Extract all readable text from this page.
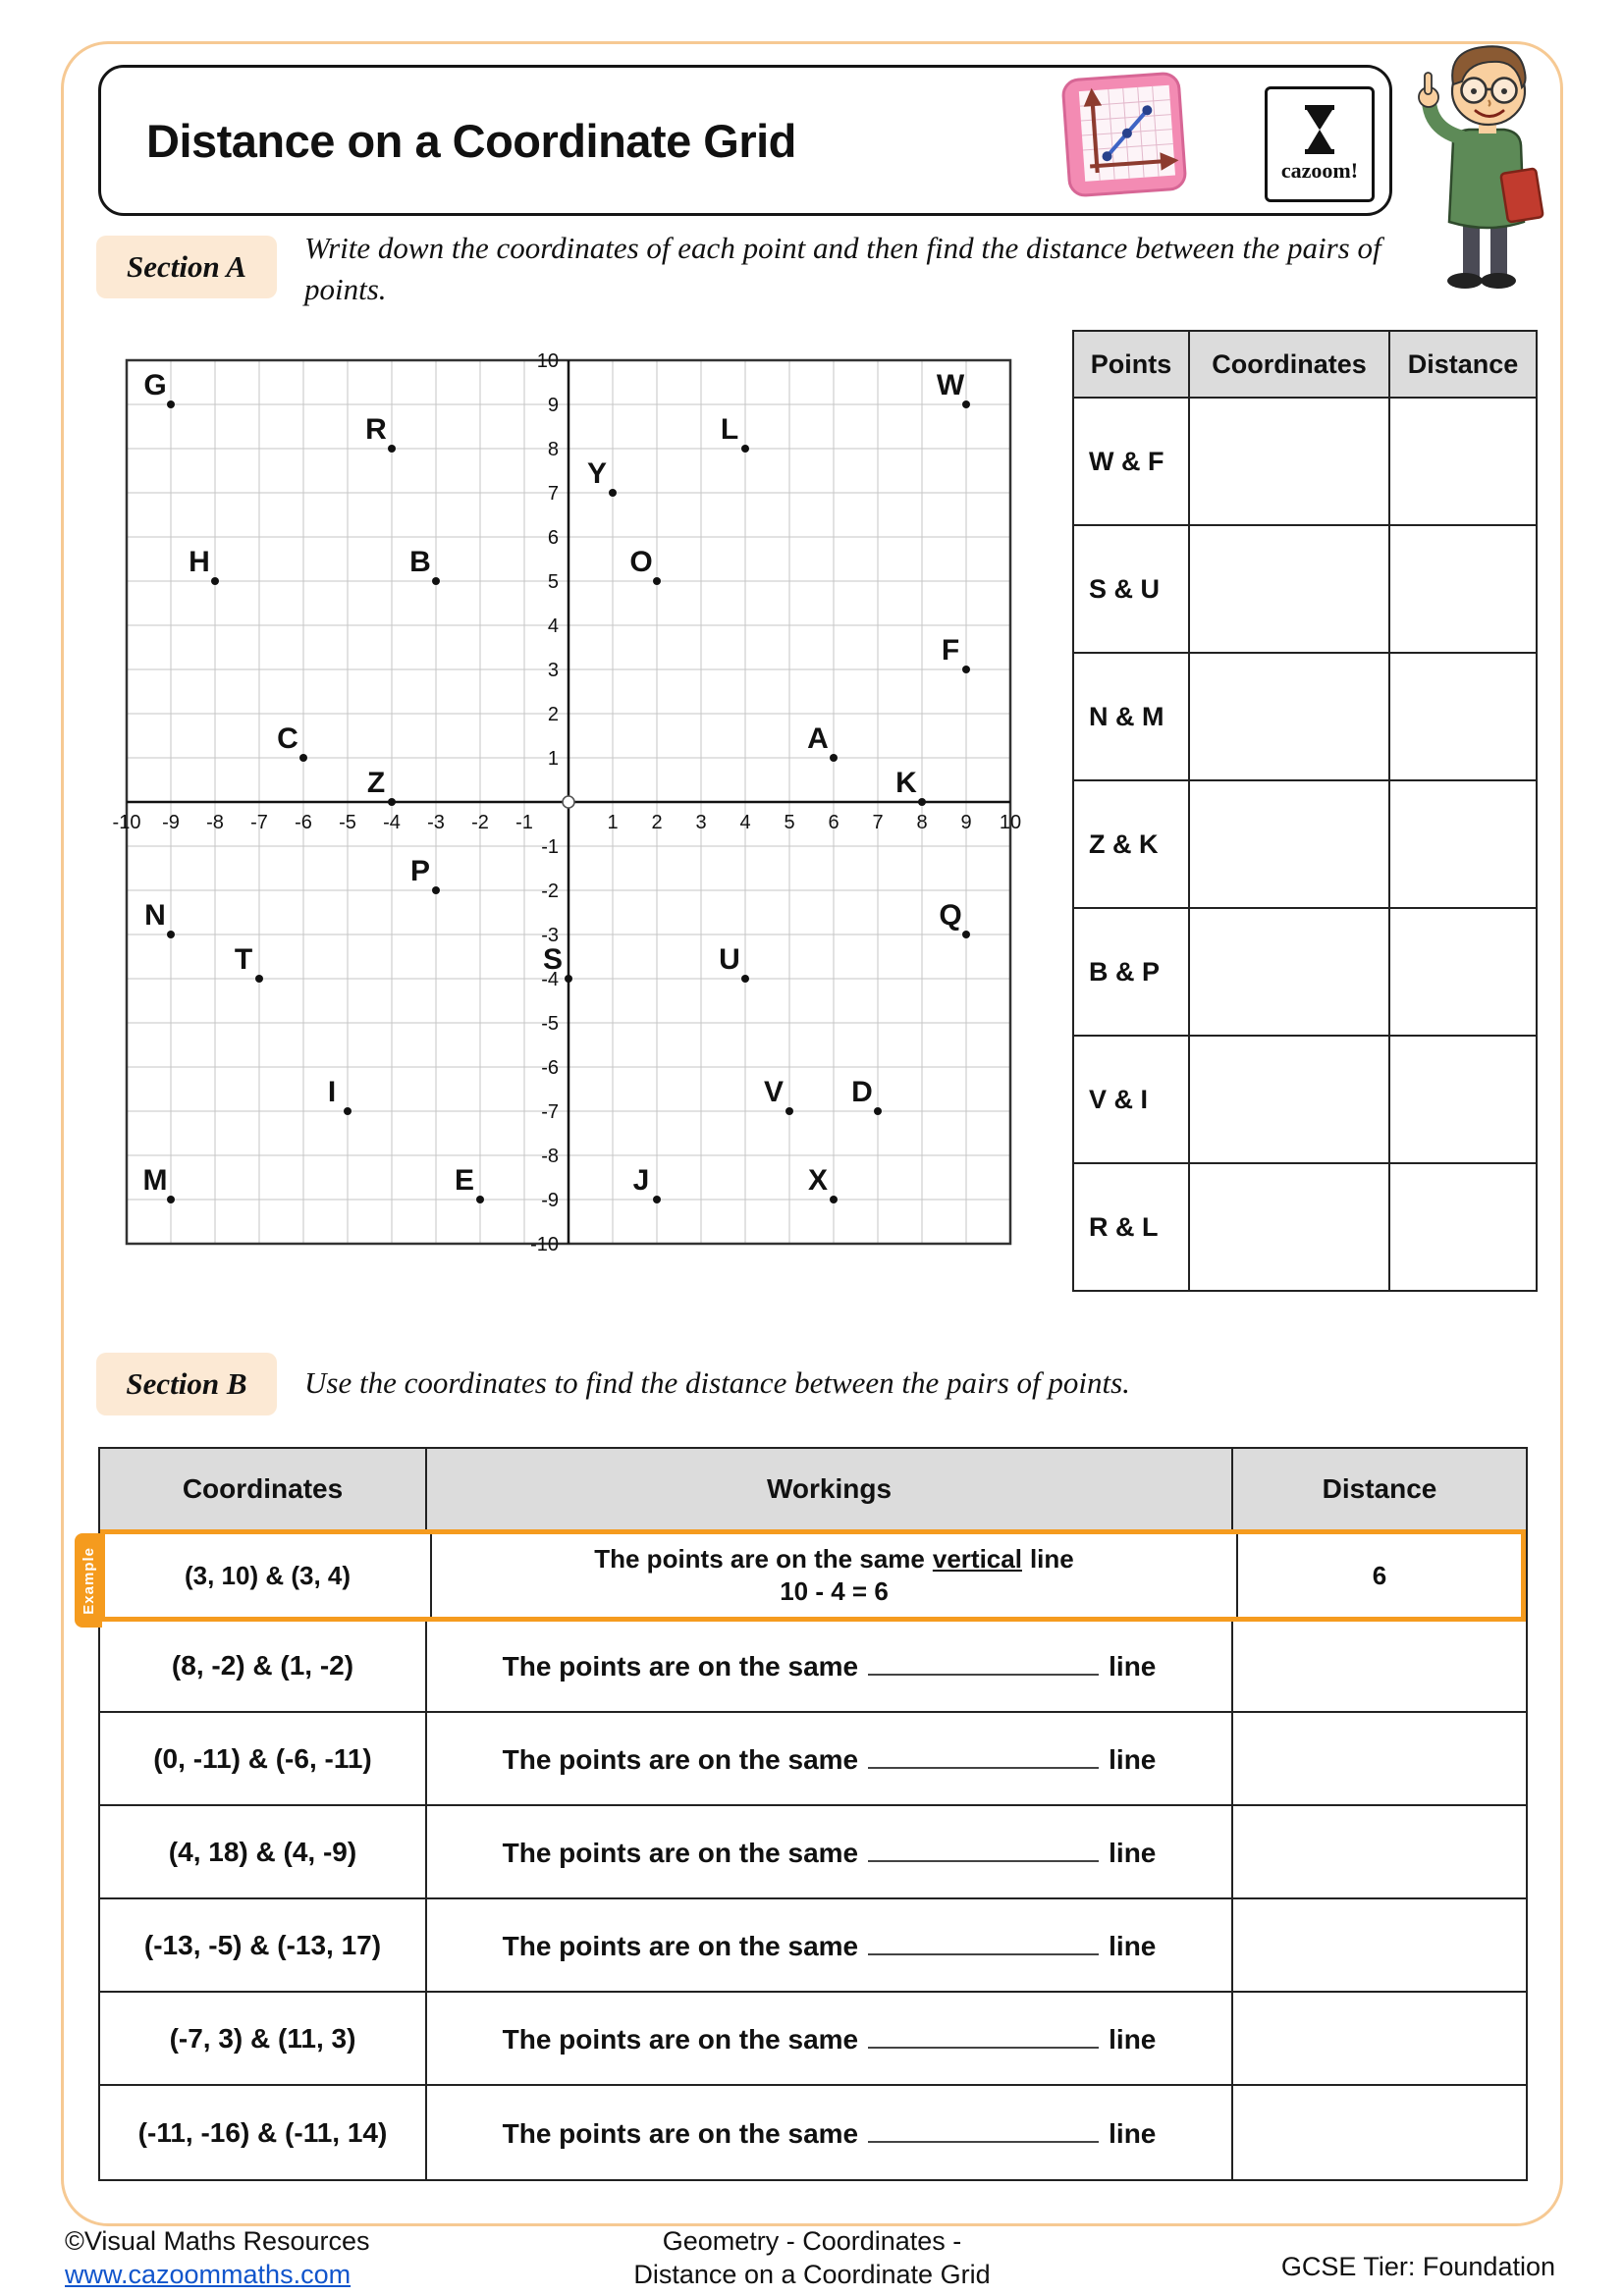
Distance on a Coordinate Grid
cazoom!
Section A
Write down the coordinates of each point and then find the distance between the pairs of points.
-10 -9 -8 -7 -6 -5 -4 -3 -2 -1	1 2 3 4 5 6 7 8 9 10
-10
-9
-8
-7
-6
-5
-4
-3
-2
-1
1
2
3
4
5
6
7
8
9
10
G	W
R	L
Y
H	B	O
F
C	A
Z	K
P
N	Q
T	S	U
I	V D
M	E	J	X
Points	Coordinates	Distance
W & F		
S & U		
N & M		
Z & K		
B & P		
V & I		
R & L		
Section B Use the coordinates to find the distance between the pairs of points.
Coordinates	Workings	Distance
Example	(3, 10) & (3, 4)
The points are on the same vertical line
10 - 4 = 6
6
(8, -2) & (1, -2)	The points are on the same	line
(0, -11) & (-6, -11)	The points are on the same	line
(4, 18) & (4, -9)	The points are on the same	line
(-13, -5) & (-13, 17)	The points are on the same	line
(-7, 3) & (11, 3)	The points are on the same	line
(-11, -16) & (-11, 14)	The points are on the same	line
©Visual Maths Resources
www.cazoommaths.com
Geometry - Coordinates -
Distance on a Coordinate Grid	GCSE Tier: Foundation
